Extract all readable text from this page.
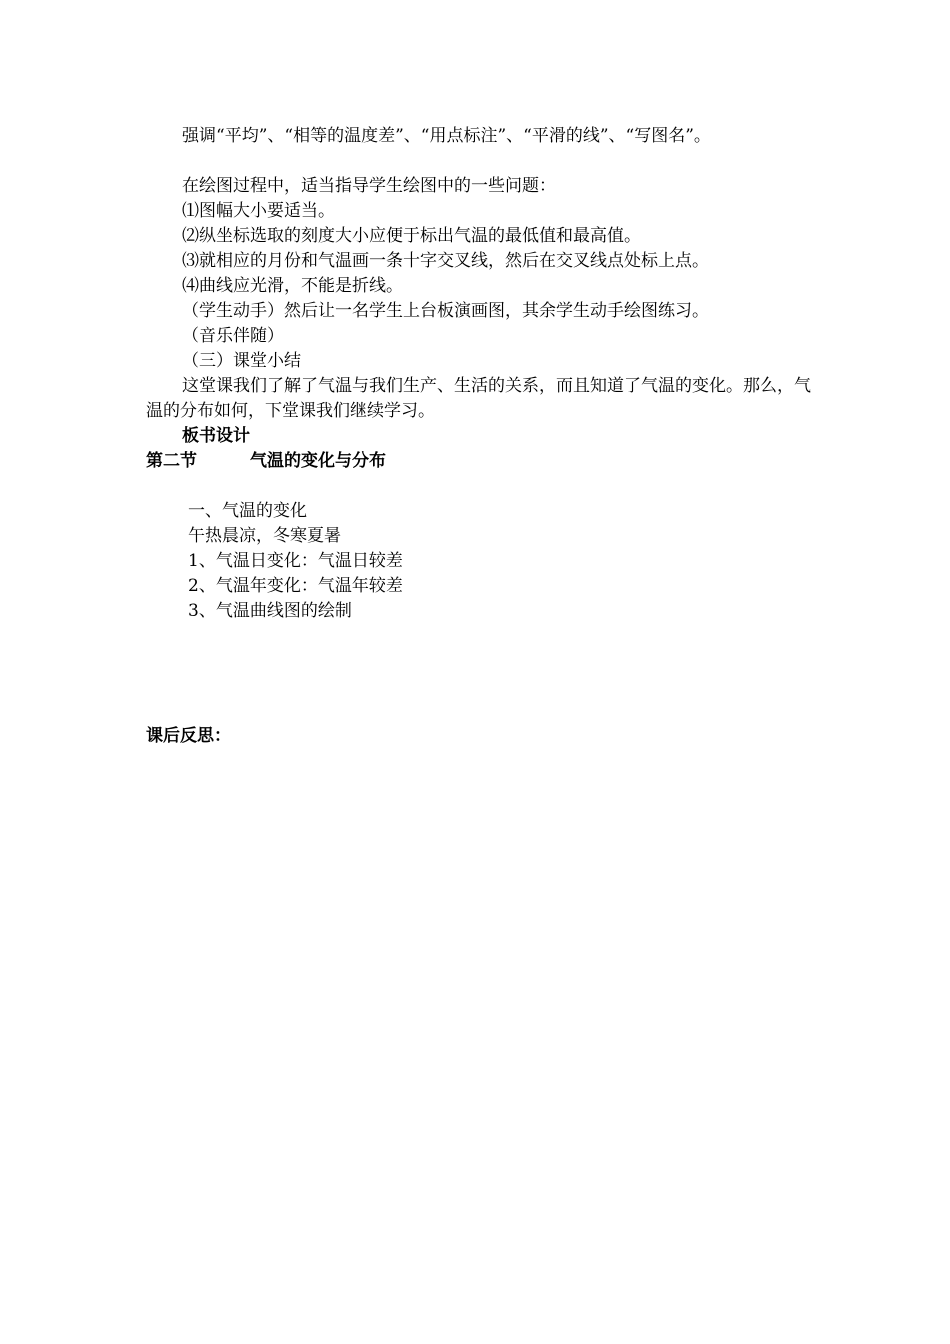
强调“平均”、“相等的温度差”、“用点标注”、“平滑的线”、“写图名”。
在绘图过程中，适当指导学生绘图中的一些问题：
⑴图幅大小要适当。
⑵纵坐标选取的刻度大小应便于标出气温的最低值和最高值。
⑶就相应的月份和气温画一条十字交叉线，然后在交叉线点处标上点。
⑷曲线应光滑，不能是折线。
（学生动手）然后让一名学生上台板演画图，其余学生动手绘图练习。
（音乐伴随）
（三）课堂小结
这堂课我们了解了气温与我们生产、生活的关系，而且知道了气温的变化。那么，气温的分布如何，下堂课我们继续学习。
板书设计
第二节	气温的变化与分布
一、气温的变化
午热晨凉，冬寒夏暑
1、气温日变化：气温日较差
2、气温年变化：气温年较差
3、气温曲线图的绘制
课后反思：
